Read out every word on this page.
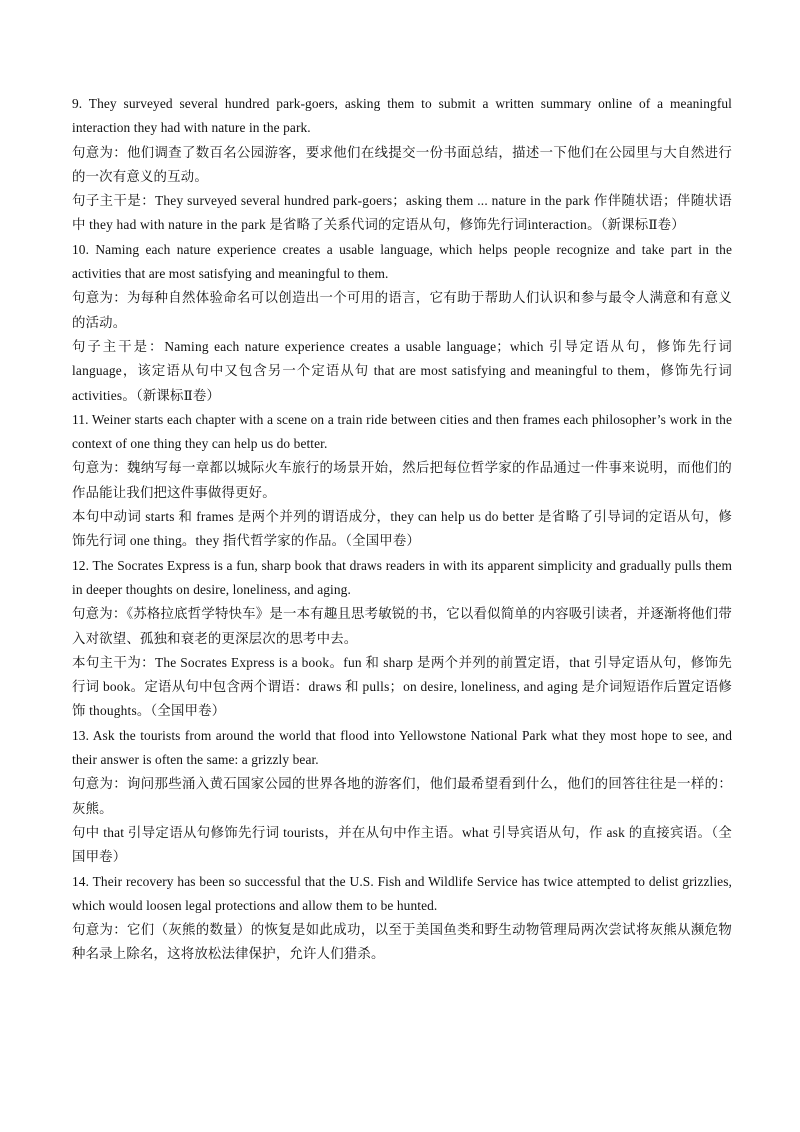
9. They surveyed several hundred park-goers, asking them to submit a written summary online of a meaningful interaction they had with nature in the park.

句意为：他们调查了数百名公园游客，要求他们在线提交一份书面总结，描述一下他们在公园里与大自然进行的一次有意义的互动。

句子主干是：They surveyed several hundred park-goers；asking them ... nature in the park 作伴随状语；伴随状语中 they had with nature in the park 是省略了关系代词的定语从句，修饰先行词interaction。（新课标Ⅱ卷）

10. Naming each nature experience creates a usable language, which helps people recognize and take part in the activities that are most satisfying and meaningful to them.

句意为：为每种自然体验命名可以创造出一个可用的语言，它有助于帮助人们认识和参与最令人满意和有意义的活动。

句子主干是：Naming each nature experience creates a usable language；which 引导定语从句，修饰先行词 language，该定语从句中又包含另一个定语从句 that are most satisfying and meaningful to them，修饰先行词 activities。（新课标Ⅱ卷）

11. Weiner starts each chapter with a scene on a train ride between cities and then frames each philosopher’s work in the context of one thing they can help us do better.

句意为：魏纳写每一章都以城际火车旅行的场景开始，然后把每位哲学家的作品通过一件事来说明，而他们的作品能让我们把这件事做得更好。

本句中动词 starts 和 frames 是两个并列的谓语成分，they can help us do better 是省略了引导词的定语从句，修饰先行词 one thing。they 指代哲学家的作品。（全国甲卷）

12. The Socrates Express is a fun, sharp book that draws readers in with its apparent simplicity and gradually pulls them in deeper thoughts on desire, loneliness, and aging.

句意为：《苏格拉底哲学特快车》是一本有趣且思考敏锐的书，它以看似简单的内容吸引读者，并逐渐将他们带入对欲望、孤独和衰老的更深层次的思考中去。

本句主干为：The Socrates Express is a book。fun 和 sharp 是两个并列的前置定语，that 引导定语从句，修饰先行词 book。定语从句中包含两个谓语：draws 和 pulls；on desire, loneliness, and aging 是介词短语作后置定语修饰 thoughts。（全国甲卷）

13. Ask the tourists from around the world that flood into Yellowstone National Park what they most hope to see, and their answer is often the same: a grizzly bear.

句意为：询问那些涌入黄石国家公园的世界各地的游客们，他们最希望看到什么，他们的回答往往是一样的：灰熊。

句中 that 引导定语从句修饰先行词 tourists，并在从句中作主语。what 引导宾语从句，作 ask 的直接宾语。（全国甲卷）

14. Their recovery has been so successful that the U.S. Fish and Wildlife Service has twice attempted to delist grizzlies, which would loosen legal protections and allow them to be hunted.

句意为：它们（灰熊的数量）的恢复是如此成功，以至于美国鱼类和野生动物管理局两次尝试将灰熊从濒危物种名录上除名，这将放松法律保护，允许人们猎杀。
